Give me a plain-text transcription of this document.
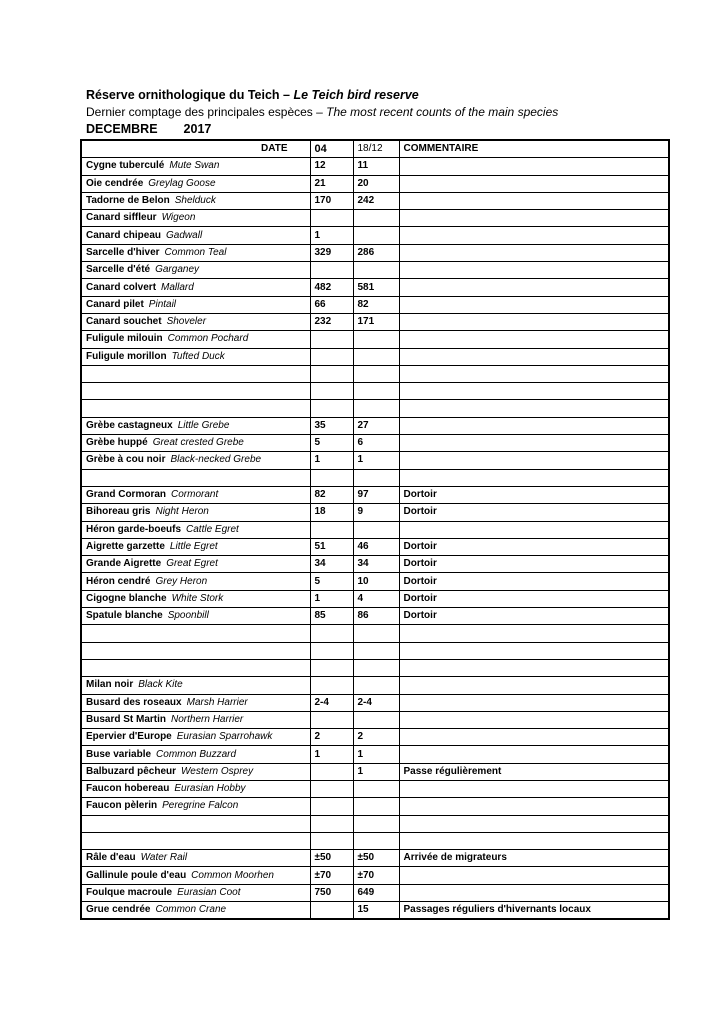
Réserve ornithologique du Teich – Le Teich bird reserve
Dernier comptage des principales espèces – The most recent counts of the main species
DECEMBRE 2017
DATE	04	18/12	COMMENTAIRE
Cygne tuberculé Mute Swan	12	11	
Oie cendrée Greylag Goose	21	20	
Tadorne de Belon Shelduck	170	242	
Canard siffleur Wigeon			
Canard chipeau Gadwall	1		
Sarcelle d'hiver Common Teal	329	286	
Sarcelle d'été Garganey			
Canard colvert Mallard	482	581	
Canard pilet Pintail	66	82	
Canard souchet Shoveler	232	171	
Fuligule milouin Common Pochard			
Fuligule morillon Tufted Duck			

Grèbe castagneux Little Grebe	35	27	
Grèbe huppé Great crested Grebe	5	6	
Grèbe à cou noir Black-necked Grebe	1	1	

Grand Cormoran Cormorant	82	97	Dortoir
Bihoreau gris Night Heron	18	9	Dortoir
Héron garde-boeufs Cattle Egret			
Aigrette garzette Little Egret	51	46	Dortoir
Grande Aigrette Great Egret	34	34	Dortoir
Héron cendré Grey Heron	5	10	Dortoir
Cigogne blanche White Stork	1	4	Dortoir
Spatule blanche Spoonbill	85	86	Dortoir

Milan noir Black Kite			
Busard des roseaux Marsh Harrier	2-4	2-4	
Busard St Martin Northern Harrier			
Epervier d'Europe Eurasian Sparrohawk	2	2	
Buse variable Common Buzzard	1	1	
Balbuzard pêcheur Western Osprey		1	Passe régulièrement
Faucon hobereau Eurasian Hobby			
Faucon pèlerin Peregrine Falcon			

Râle d'eau Water Rail	±50	±50	Arrivée de migrateurs
Gallinule poule d'eau Common Moorhen	±70	±70	
Foulque macroule Eurasian Coot	750	649	
Grue cendrée Common Crane		15	Passages réguliers d'hivernants locaux
